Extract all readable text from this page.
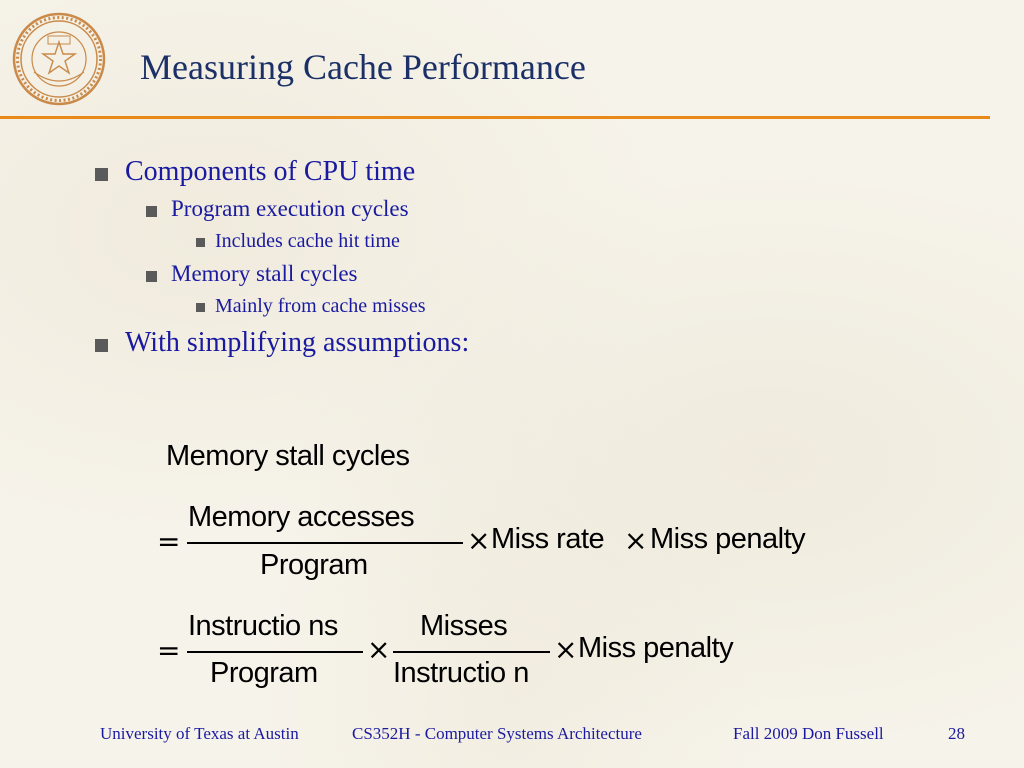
Measuring Cache Performance
Components of CPU time
Program execution cycles
Includes cache hit time
Memory stall cycles
Mainly from cache misses
With simplifying assumptions:
Memory stall cycles
=
Memory accesses
Program
× Miss rate × Miss penalty
=
Instructio ns
Program
×
Misses
Instructio n
× Miss penalty
University of Texas at Austin	CS352H - Computer Systems Architecture	Fall 2009 Don Fussell	28
